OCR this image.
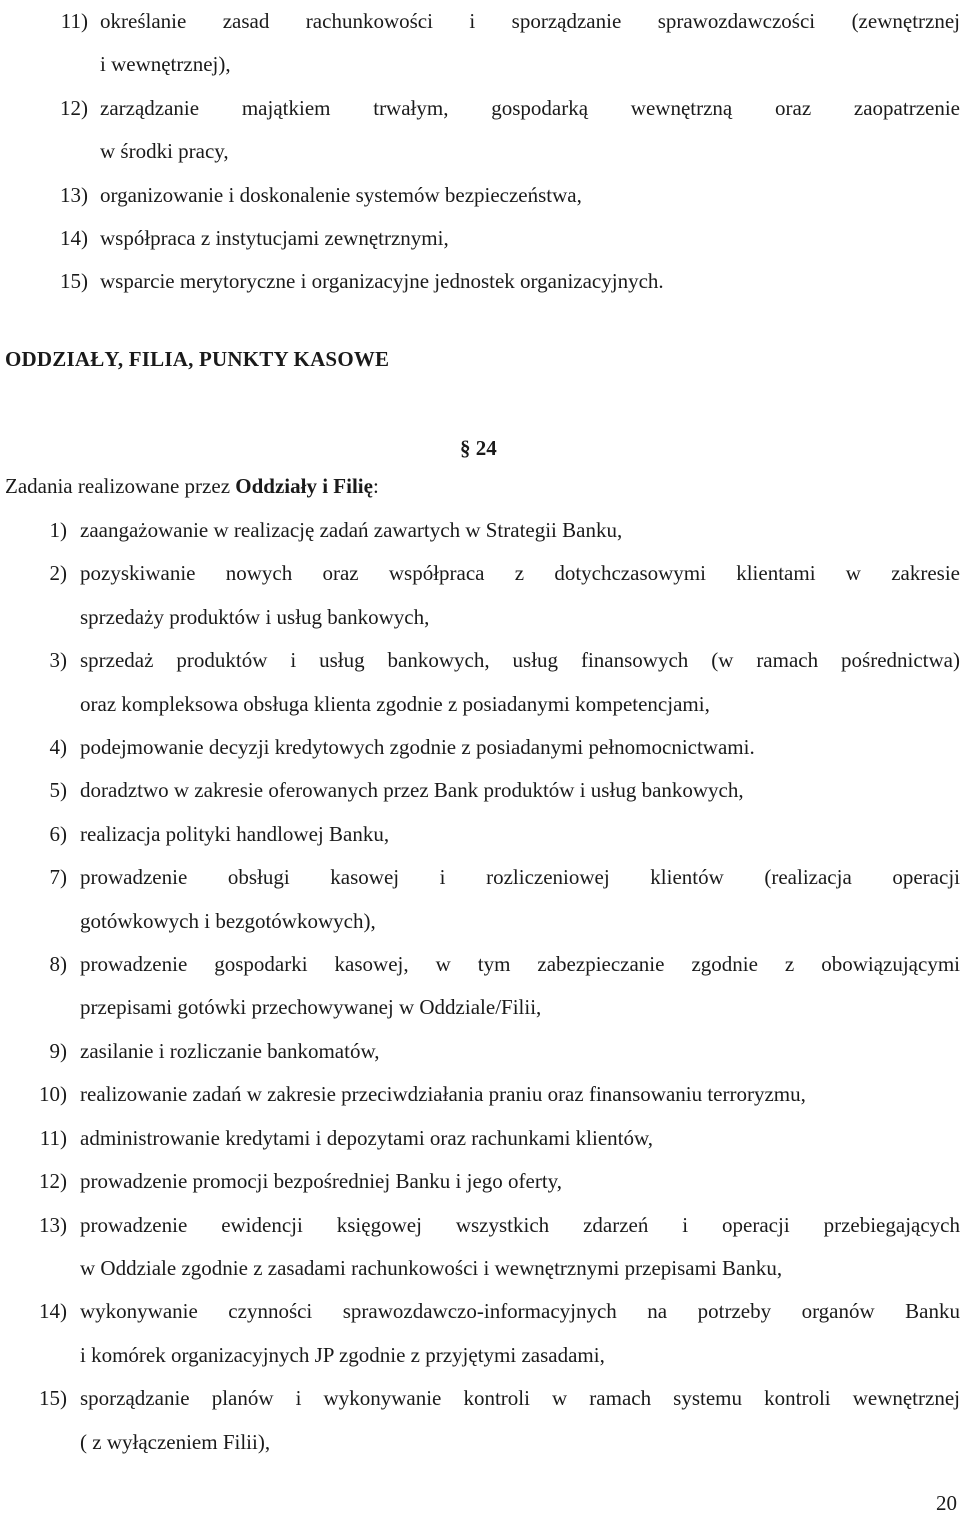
11) określanie zasad rachunkowości i sporządzanie sprawozdawczości (zewnętrznej
i wewnętrznej),
12) zarządzanie majątkiem trwałym, gospodarką wewnętrzną oraz zaopatrzenie
w środki pracy,
13) organizowanie i doskonalenie systemów bezpieczeństwa,
14) współpraca z instytucjami zewnętrznymi,
15) wsparcie merytoryczne i organizacyjne jednostek organizacyjnych.
ODDZIAŁY, FILIA, PUNKTY KASOWE

§ 24

Zadania realizowane przez Oddziały i Filię:

1) zaangażowanie w realizację zadań zawartych w Strategii Banku,
2) pozyskiwanie nowych oraz współpraca z dotychczasowymi klientami w zakresie
sprzedaży produktów i usług bankowych,
3) sprzedaż produktów i usług bankowych, usług finansowych (w ramach pośrednictwa)
oraz kompleksowa obsługa klienta zgodnie z posiadanymi kompetencjami,
4) podejmowanie decyzji kredytowych zgodnie z posiadanymi pełnomocnictwami.
5) doradztwo w zakresie oferowanych przez Bank produktów i usług bankowych,
6) realizacja polityki handlowej Banku,
7) prowadzenie obsługi kasowej i rozliczeniowej klientów (realizacja operacji
gotówkowych i bezgotówkowych),
8) prowadzenie gospodarki kasowej, w tym zabezpieczanie zgodnie z obowiązującymi
przepisami gotówki przechowywanej w Oddziale/Filii,
9) zasilanie i rozliczanie bankomatów,
10) realizowanie zadań w zakresie przeciwdziałania praniu oraz finansowaniu terroryzmu,
11) administrowanie kredytami i depozytami oraz rachunkami klientów,
12) prowadzenie promocji bezpośredniej Banku i jego oferty,
13) prowadzenie ewidencji księgowej wszystkich zdarzeń i operacji przebiegających
w Oddziale zgodnie z zasadami rachunkowości i wewnętrznymi przepisami Banku,
14) wykonywanie czynności sprawozdawczo-informacyjnych na potrzeby organów Banku
i komórek organizacyjnych JP zgodnie z przyjętymi zasadami,
15) sporządzanie planów i wykonywanie kontroli w ramach systemu kontroli wewnętrznej
( z wyłączeniem Filii),

20
